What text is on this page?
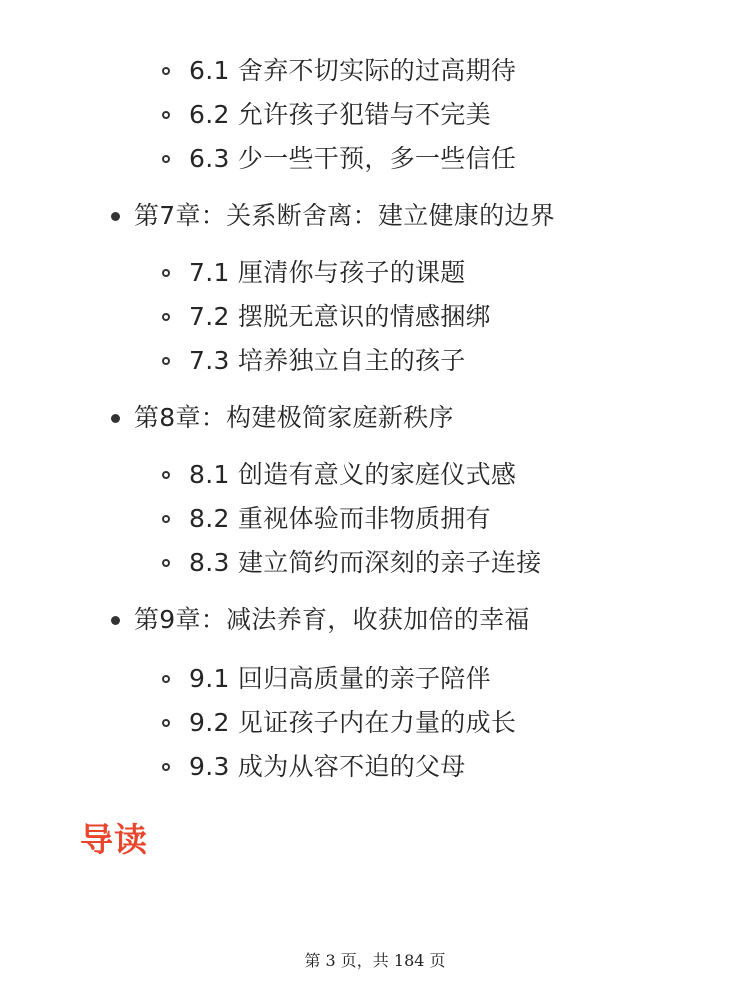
6.1 舍弃不切实际的过高期待
6.2 允许孩子犯错与不完美
6.3 少一些干预，多一些信任
第7章：关系断舍离：建立健康的边界
7.1 厘清你与孩子的课题
7.2 摆脱无意识的情感捆绑
7.3 培养独立自主的孩子
第8章：构建极简家庭新秩序
8.1 创造有意义的家庭仪式感
8.2 重视体验而非物质拥有
8.3 建立简约而深刻的亲子连接
第9章：减法养育，收获加倍的幸福
9.1 回归高质量的亲子陪伴
9.2 见证孩子内在力量的成长
9.3 成为从容不迫的父母
导读
第 3 页，共 184 页
